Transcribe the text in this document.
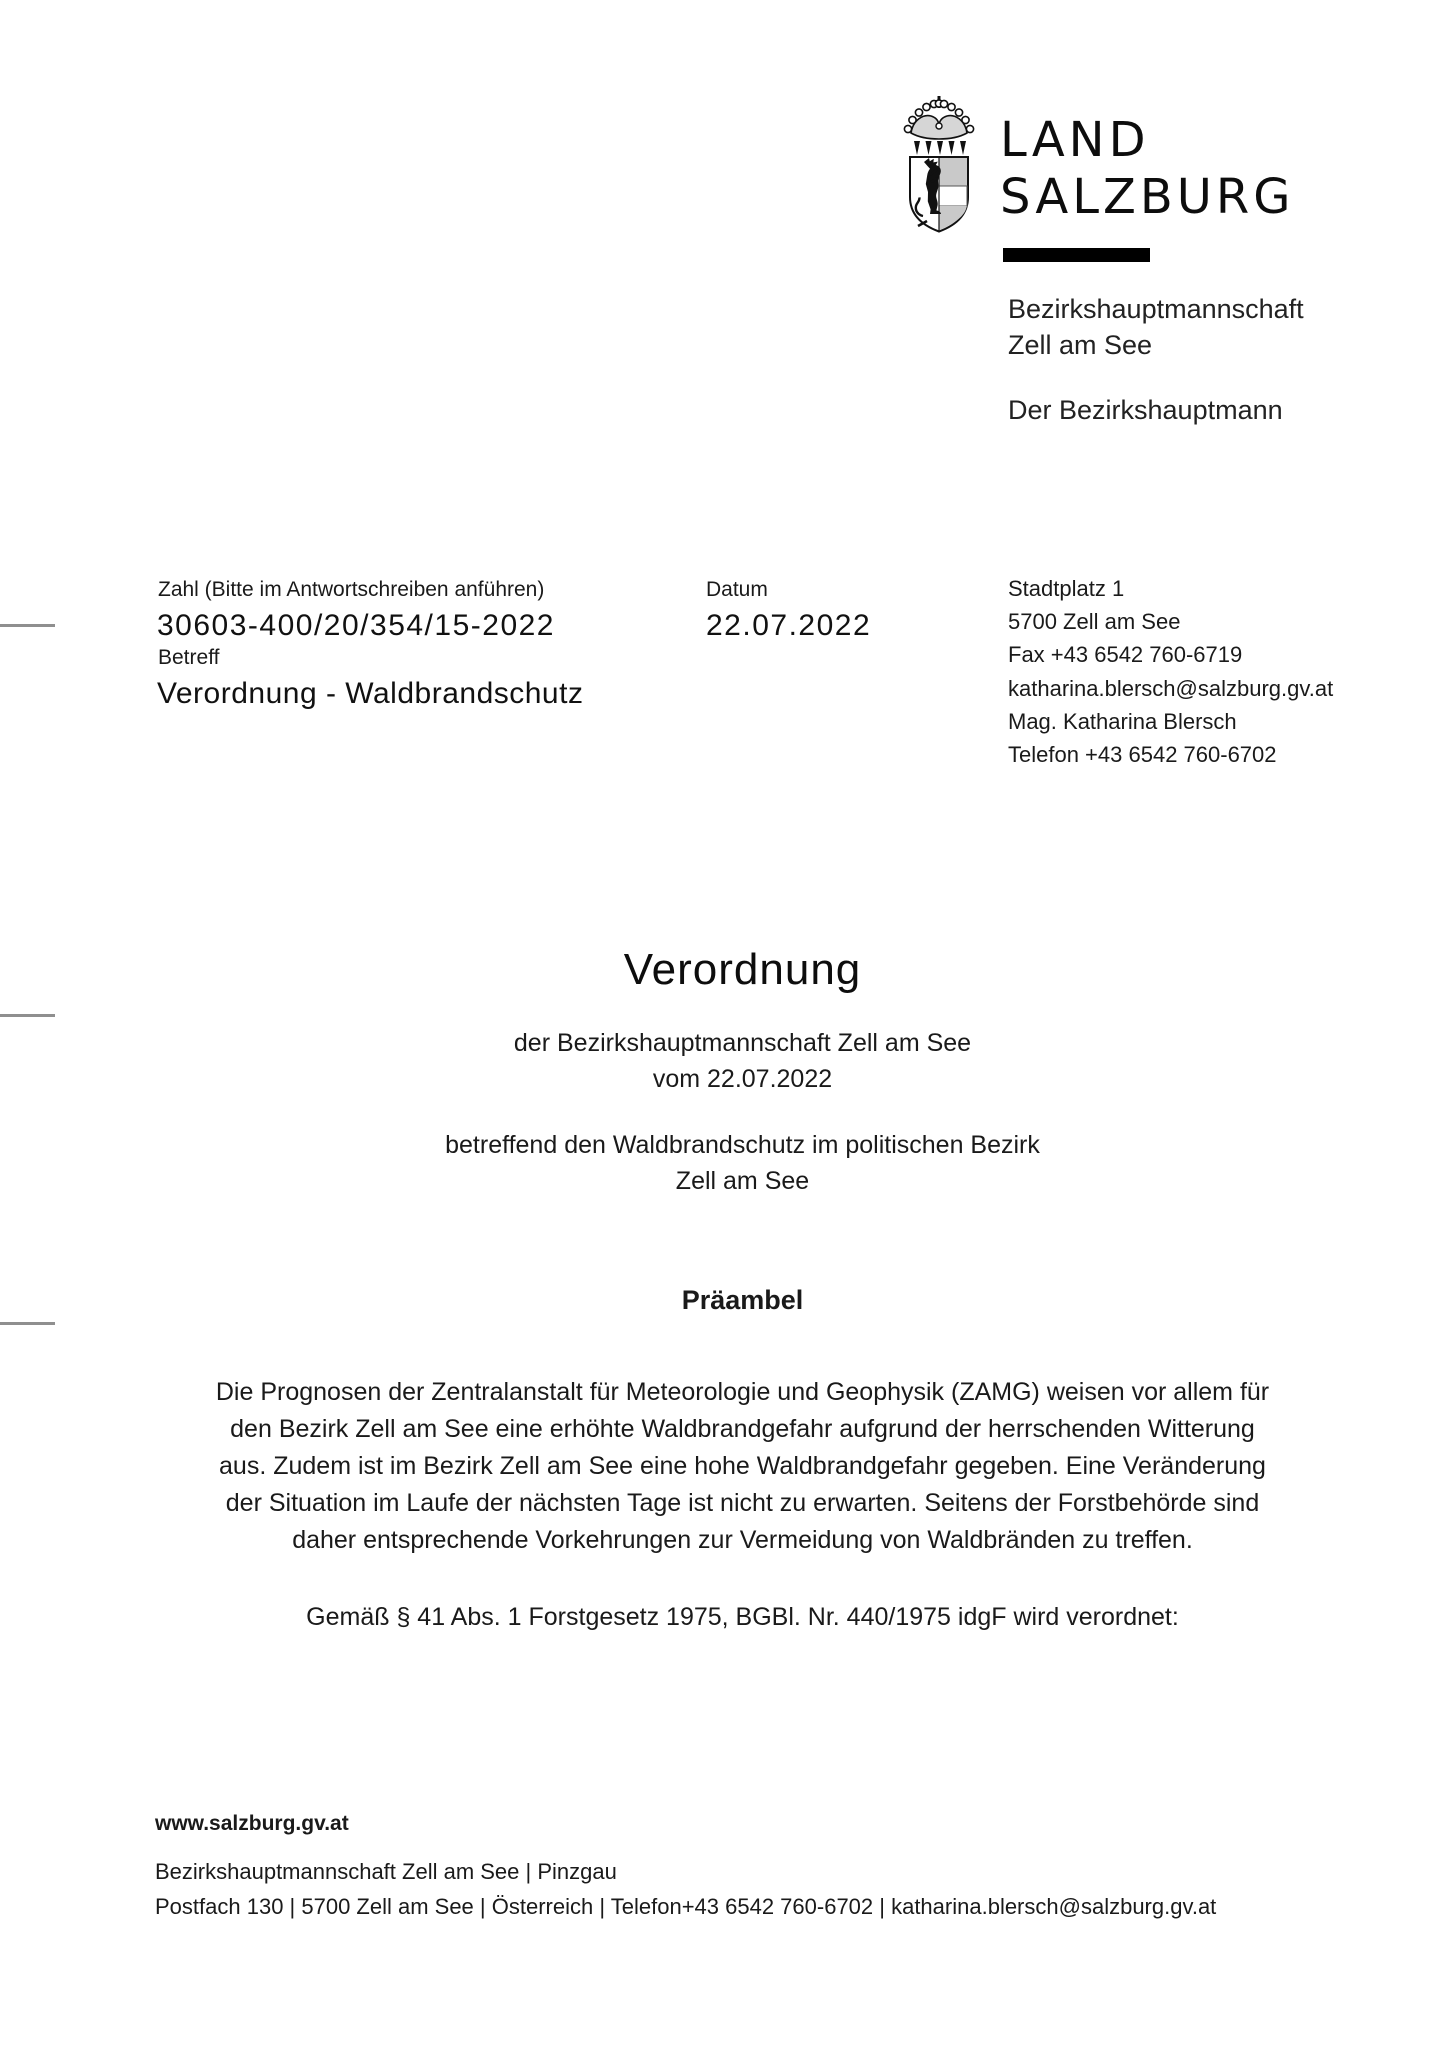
LAND
SALZBURG
Bezirkshauptmannschaft
Zell am See
Der Bezirkshauptmann
Zahl (Bitte im Antwortschreiben anführen)
30603-400/20/354/15-2022
Betreff
Verordnung - Waldbrandschutz
Datum
22.07.2022
Stadtplatz 1
5700 Zell am See
Fax +43 6542 760-6719
katharina.blersch@salzburg.gv.at
Mag. Katharina Blersch
Telefon +43 6542 760-6702
Verordnung
der Bezirkshauptmannschaft Zell am See
vom 22.07.2022
betreffend den Waldbrandschutz im politischen Bezirk
Zell am See
Präambel
Die Prognosen der Zentralanstalt für Meteorologie und Geophysik (ZAMG) weisen vor allem für
den Bezirk Zell am See eine erhöhte Waldbrandgefahr aufgrund der herrschenden Witterung
aus. Zudem ist im Bezirk Zell am See eine hohe Waldbrandgefahr gegeben. Eine Veränderung
der Situation im Laufe der nächsten Tage ist nicht zu erwarten. Seitens der Forstbehörde sind
daher entsprechende Vorkehrungen zur Vermeidung von Waldbränden zu treffen.
Gemäß § 41 Abs. 1 Forstgesetz 1975, BGBl. Nr. 440/1975 idgF wird verordnet:
www.salzburg.gv.at
Bezirkshauptmannschaft Zell am See | Pinzgau
Postfach 130 | 5700 Zell am See | Österreich | Telefon+43 6542 760-6702 | katharina.blersch@salzburg.gv.at
